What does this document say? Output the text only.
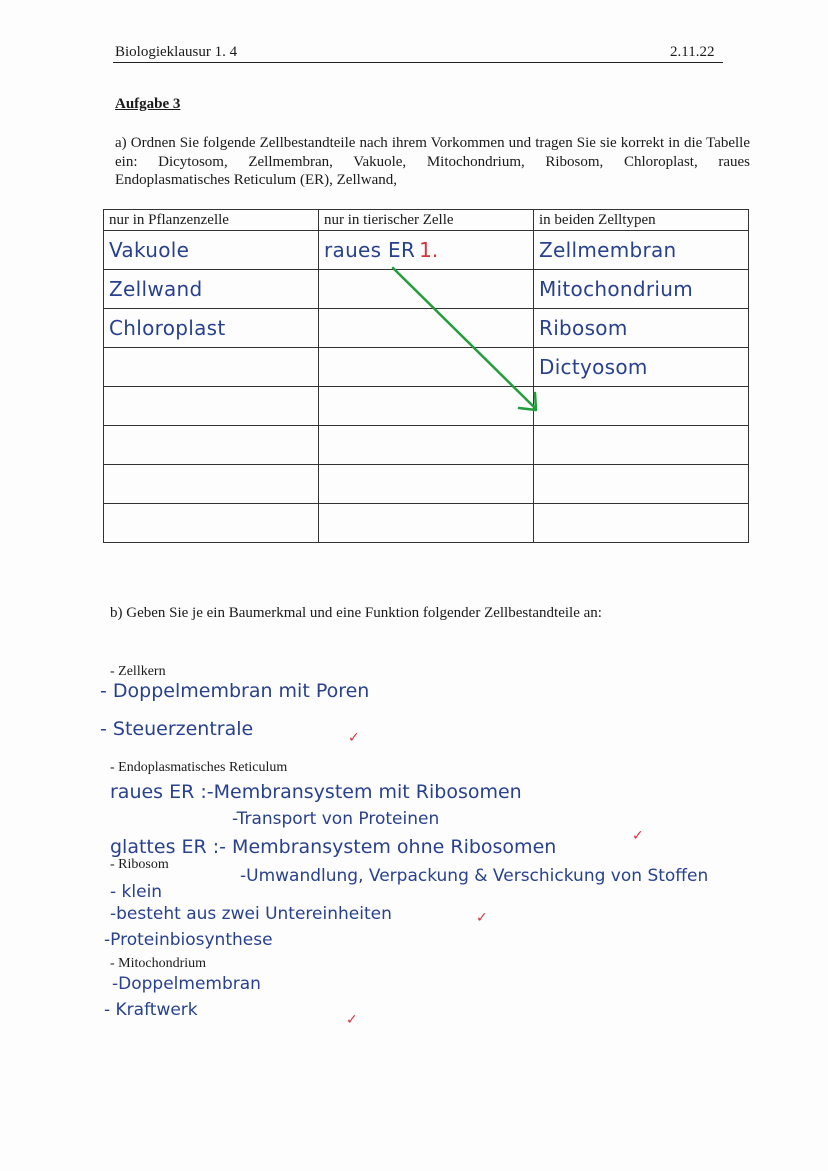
Biologieklausur 1. 4	2.11.22
Aufgabe 3
a) Ordnen Sie folgende Zellbestandteile nach ihrem Vorkommen und tragen Sie sie korrekt in die Tabelle ein: Dicytosom, Zellmembran, Vakuole, Mitochondrium, Ribosom, Chloroplast, raues Endoplasmatisches Reticulum (ER), Zellwand,
nur in Pflanzenzelle	nur in tierischer Zelle	in beiden Zelltypen
Vakuole	raues ER 1.	Zellmembran
Zellwand		Mitochondrium
Chloroplast		Ribosom
		Dictyosom

b) Geben Sie je ein Baumerkmal und eine Funktion folgender Zellbestandteile an:
- Zellkern
- Doppelmembran mit Poren
- Steuerzentrale	✓
- Endoplasmatisches Reticulum
raues ER :-Membransystem mit Ribosomen
-Transport von Proteinen
glattes ER :- Membransystem ohne Ribosomen	✓
- Ribosom
-Umwandlung, Verpackung & Verschickung von Stoffen
- klein
-besteht aus zwei Untereinheiten	✓
-Proteinbiosynthese
- Mitochondrium
-Doppelmembran
- Kraftwerk	✓
